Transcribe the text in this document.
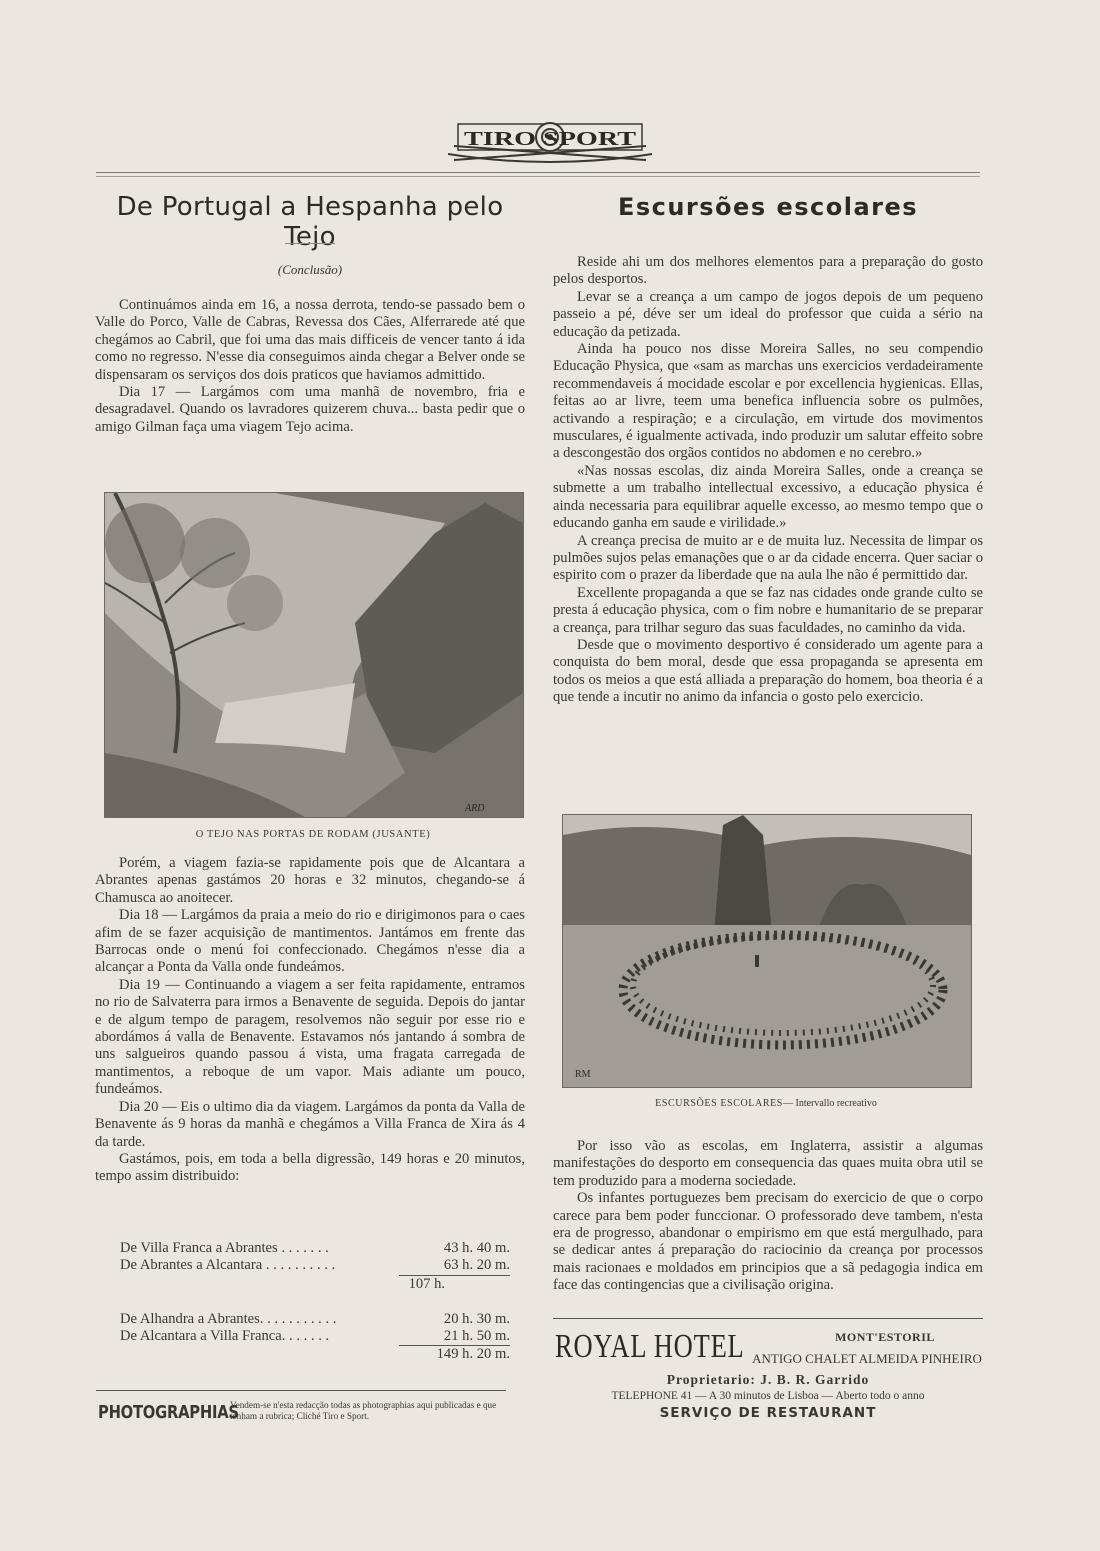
TIRO SPORT
De Portugal a Hespanha pelo Tejo
(Conclusão)

Continuámos ainda em 16, a nossa derrota, tendo-se passado bem o Valle do Porco, Valle de Cabras, Revessa dos Cães, Alferrarede até que chegámos ao Cabril, que foi uma das mais difficeis de vencer tanto á ida como no regresso. N'esse dia conseguimos ainda chegar a Belver onde se dispensaram os serviços dos dois praticos que haviamos admittido.

Dia 17 — Largámos com uma manhã de novembro, fria e desagradavel. Quando os lavradores quizerem chuva... basta pedir que o amigo Gilman faça uma viagem Tejo acima.

ARD
O TEJO NAS PORTAS DE RODAM (JUSANTE)

Porém, a viagem fazia-se rapidamente pois que de Alcantara a Abrantes apenas gastámos 20 horas e 32 minutos, chegando-se á Chamusca ao anoitecer.

Dia 18 — Largámos da praia a meio do rio e dirigimonos para o caes afim de se fazer acquisição de mantimentos. Jantámos em frente das Barrocas onde o menú foi confeccionado. Chegámos n'esse dia a alcançar a Ponta da Valla onde fundeámos.

Dia 19 — Continuando a viagem a ser feita rapidamente, entramos no rio de Salvaterra para irmos a Benavente de seguida. Depois do jantar e de algum tempo de paragem, resolvemos não seguir por esse rio e abordámos á valla de Benavente. Estavamos nós jantando á sombra de uns salgueiros quando passou á vista, uma fragata carregada de mantimentos, a reboque de um vapor. Mais adiante um pouco, fundeámos.

Dia 20 — Eis o ultimo dia da viagem. Largámos da ponta da Valla de Benavente ás 9 horas da manhã e chegámos a Villa Franca de Xira ás 4 da tarde.

Gastámos, pois, em toda a bella digressão, 149 horas e 20 minutos, tempo assim distribuido:

De Villa Franca a Abrantes . . . . . . .	43 h. 40 m.
De Abrantes a Alcantara . . . . . . . . . .	63 h. 20 m.
	107 h.

De Alhandra a Abrantes. . . . . . . . . . .	20 h. 30 m.
De Alcantara a Villa Franca. . . . . . .	21 h. 50 m.
	149 h. 20 m.
PHOTOGRAPHIAS
Vendem-se n'esta redacção todas as photographias aqui publicadas e que tenham a rubrica; Cliché Tiro e Sport.
Escursões escolares

Reside ahi um dos melhores elementos para a preparação do gosto pelos desportos.

Levar se a creança a um campo de jogos depois de um pequeno passeio a pé, déve ser um ideal do professor que cuida a sério na educação da petizada.

Ainda ha pouco nos disse Moreira Salles, no seu compendio Educação Physica, que «sam as marchas uns exercicios verdadeiramente recommendaveis á mocidade escolar e por excellencia hygienicas. Ellas, feitas ao ar livre, teem uma benefica influencia sobre os pulmões, activando a respiração; e a circulação, em virtude dos movimentos musculares, é igualmente activada, indo produzir um salutar effeito sobre a descongestão dos orgãos contidos no abdomen e no cerebro.»

«Nas nossas escolas, diz ainda Moreira Salles, onde a creança se submette a um trabalho intellectual excessivo, a educação physica é ainda necessaria para equilibrar aquelle excesso, ao mesmo tempo que o educando ganha em saude e virilidade.»

A creança precisa de muito ar e de muita luz. Necessita de limpar os pulmões sujos pelas emanações que o ar da cidade encerra. Quer saciar o espirito com o prazer da liberdade que na aula lhe não é permittido dar.

Excellente propaganda a que se faz nas cidades onde grande culto se presta á educação physica, com o fim nobre e humanitario de se preparar a creança, para trilhar seguro das suas faculdades, no caminho da vida.

Desde que o movimento desportivo é considerado um agente para a conquista do bem moral, desde que essa propaganda se apresenta em todos os meios a que está alliada a preparação do homem, boa theoria é a que tende a incutir no animo da infancia o gosto pelo exercicio.

RM
ESCURSÕES ESCOLARES— Intervallo recreativo

Por isso vão as escolas, em Inglaterra, assistir a algumas manifestações do desporto em consequencia das quaes muita obra util se tem produzido para a moderna sociedade.

Os infantes portuguezes bem precisam do exercicio de que o corpo carece para bem poder funccionar. O professorado deve tambem, n'esta era de progresso, abandonar o empirismo em que está mergulhado, para se dedicar antes á preparação do raciocinio da creança por processos mais racionaes e moldados em principios que a sã pedagogia indica em face das contingencias que a civilisação origina.

ROYAL HOTEL	MONT'ESTORIL
ANTIGO CHALET ALMEIDA PINHEIRO
Proprietario: J. B. R. Garrido
TELEPHONE 41 — A 30 minutos de Lisboa — Aberto todo o anno
SERVIÇO DE RESTAURANT
